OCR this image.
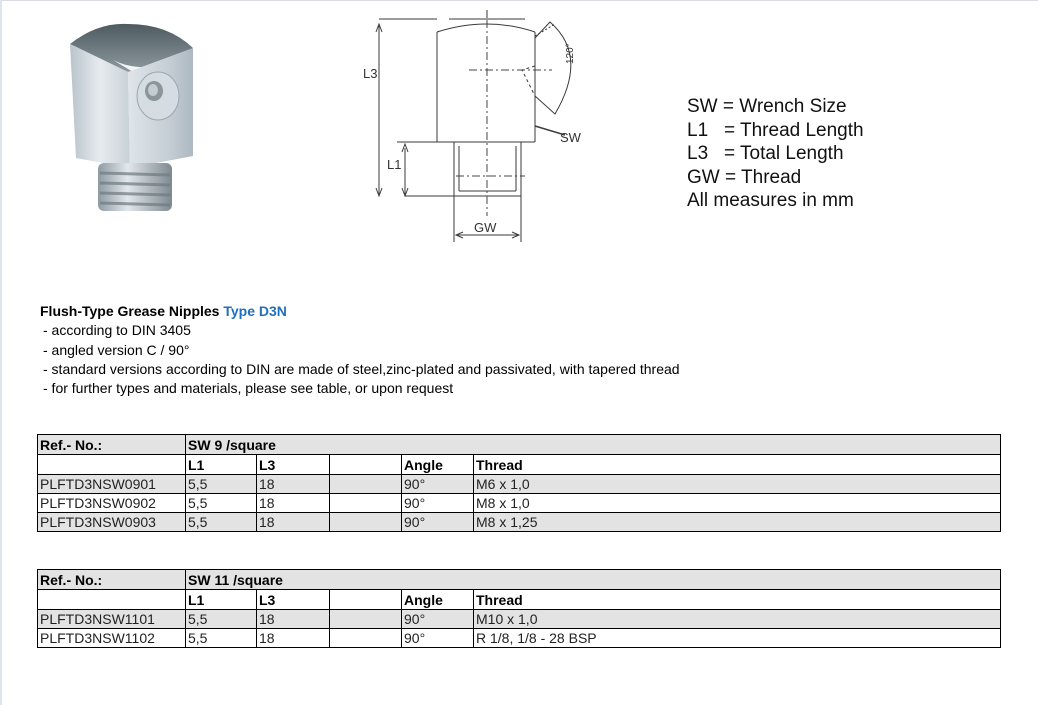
L3
L1
SW
GW
120°
SW = Wrench Size
L1   = Thread Length
L3   = Total Length
GW = Thread
All measures in mm
Flush-Type Grease Nipples Type D3N
- according to DIN 3405
- angled version C / 90°
- standard versions according to DIN are made of steel,zinc-plated and passivated, with tapered thread
- for further types and materials, please see table, or upon request
Ref.- No.:	SW 9 /square				
	L1	L3		Angle	Thread
PLFTD3NSW0901	5,5	18		90°	M6 x 1,0
PLFTD3NSW0902	5,5	18		90°	M8 x 1,0
PLFTD3NSW0903	5,5	18		90°	M8 x 1,25
Ref.- No.:	SW 11 /square				
	L1	L3		Angle	Thread
PLFTD3NSW1101	5,5	18		90°	M10 x 1,0
PLFTD3NSW1102	5,5	18		90°	R 1/8, 1/8 - 28 BSP
